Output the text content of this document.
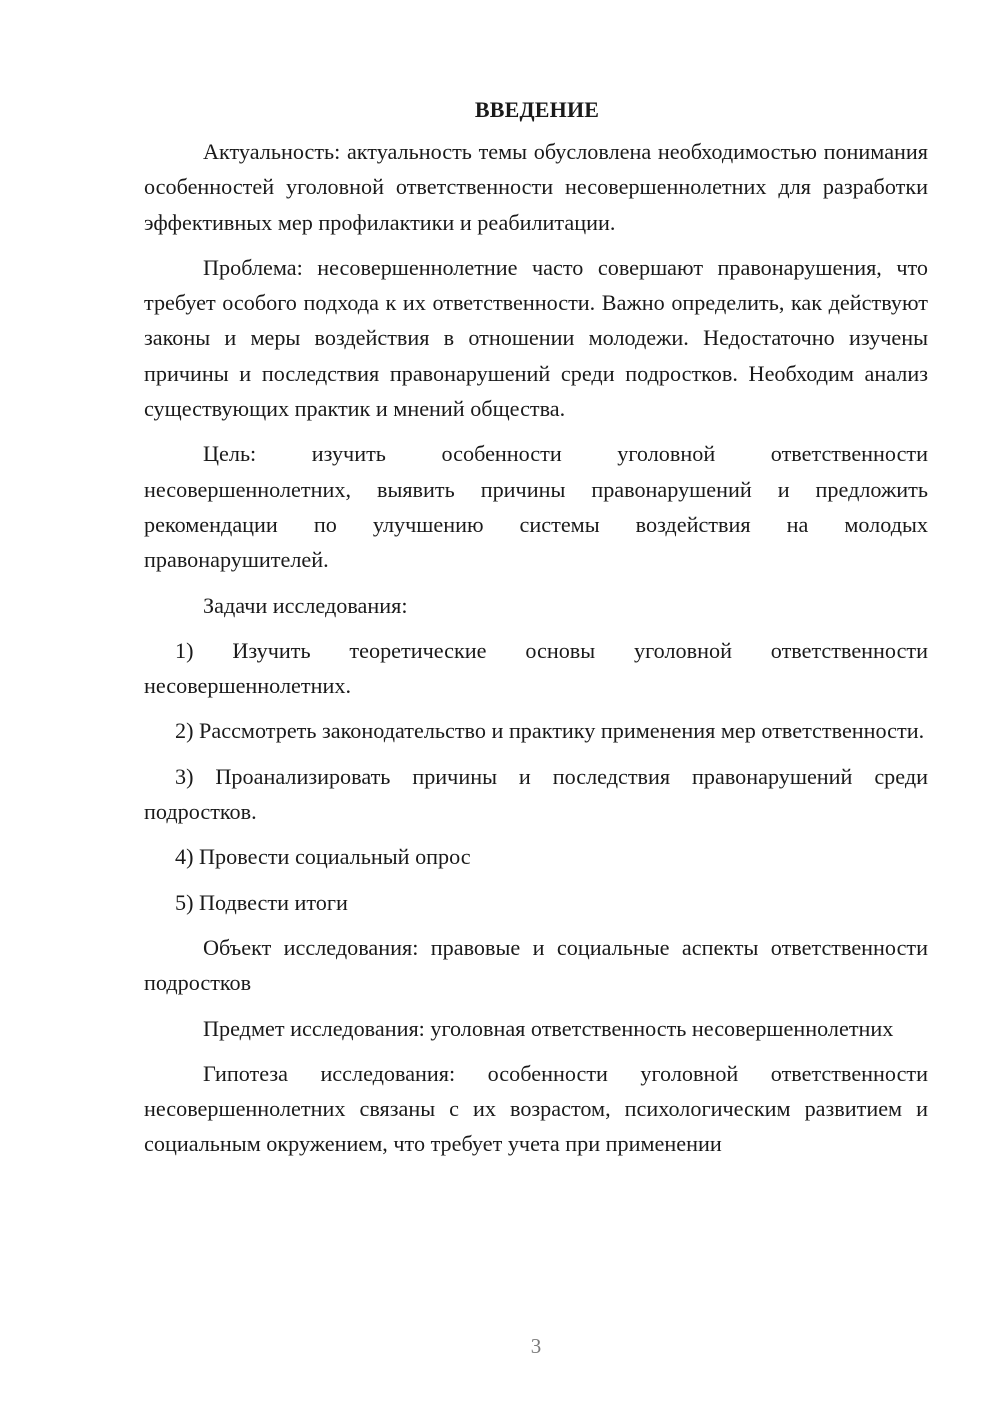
ВВЕДЕНИЕ
Актуальность: актуальность темы обусловлена необходимостью понимания особенностей уголовной ответственности несовершеннолетних для разработки эффективных мер профилактики и реабилитации.
Проблема: несовершеннолетние часто совершают правонарушения, что требует особого подхода к их ответственности. Важно определить, как действуют законы и меры воздействия в отношении молодежи. Недостаточно изучены причины и последствия правонарушений среди подростков. Необходим анализ существующих практик и мнений общества.
Цель: изучить особенности уголовной ответственности несовершеннолетних, выявить причины правонарушений и предложить рекомендации по улучшению системы воздействия на молодых правонарушителей.
Задачи исследования:
1) Изучить теоретические основы уголовной ответственности несовершеннолетних.
2) Рассмотреть законодательство и практику применения мер ответственности.
3) Проанализировать причины и последствия правонарушений среди подростков.
4) Провести социальный опрос
5) Подвести итоги
Объект исследования: правовые и социальные аспекты ответственности подростков
Предмет исследования: уголовная ответственность несовершеннолетних
Гипотеза исследования: особенности уголовной ответственности несовершеннолетних связаны с их возрастом, психологическим развитием и социальным окружением, что требует учета при применении
3
